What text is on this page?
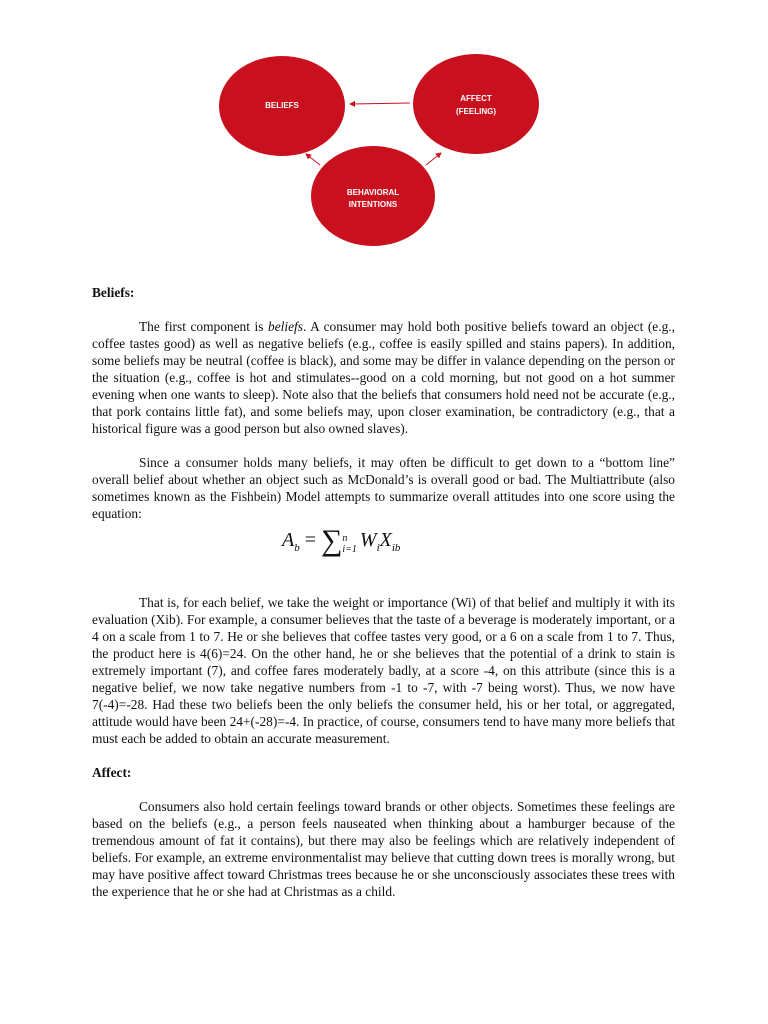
BELIEFS
AFFECT
(FEELING)
BEHAVIORAL
INTENTIONS

Beliefs:

The first component is beliefs. A consumer may hold both positive beliefs toward an object (e.g., coffee tastes good) as well as negative beliefs (e.g., coffee is easily spilled and stains papers). In addition, some beliefs may be neutral (coffee is black), and some may be differ in valance depending on the person or the situation (e.g., coffee is hot and stimulates--good on a cold morning, but not good on a hot summer evening when one wants to sleep). Note also that the beliefs that consumers hold need not be accurate (e.g., that pork contains little fat), and some beliefs may, upon closer examination, be contradictory (e.g., that a historical figure was a good person but also owned slaves).

Since a consumer holds many beliefs, it may often be difficult to get down to a “bottom line” overall belief about whether an object such as McDonald’s is overall good or bad. The Multiattribute (also sometimes known as the Fishbein) Model attempts to summarize overall attitudes into one score using the equation:

$A_b = \sum n$
i=1 $W_iX_{ib}$

That is, for each belief, we take the weight or importance (Wi) of that belief and multiply it with its evaluation (Xib). For example, a consumer believes that the taste of a beverage is moderately important, or a 4 on a scale from 1 to 7. He or she believes that coffee tastes very good, or a 6 on a scale from 1 to 7. Thus, the product here is 4(6)=24. On the other hand, he or she believes that the potential of a drink to stain is extremely important (7), and coffee fares moderately badly, at a score -4, on this attribute (since this is a negative belief, we now take negative numbers from -1 to -7, with -7 being worst). Thus, we now have 7(-4)=-28. Had these two beliefs been the only beliefs the consumer held, his or her total, or aggregated, attitude would have been 24+(-28)=-4. In practice, of course, consumers tend to have many more beliefs that must each be added to obtain an accurate measurement.

Affect:

Consumers also hold certain feelings toward brands or other objects. Sometimes these feelings are based on the beliefs (e.g., a person feels nauseated when thinking about a hamburger because of the tremendous amount of fat it contains), but there may also be feelings which are relatively independent of beliefs. For example, an extreme environmentalist may believe that cutting down trees is morally wrong, but may have positive affect toward Christmas trees because he or she unconsciously associates these trees with the experience that he or she had at Christmas as a child.
